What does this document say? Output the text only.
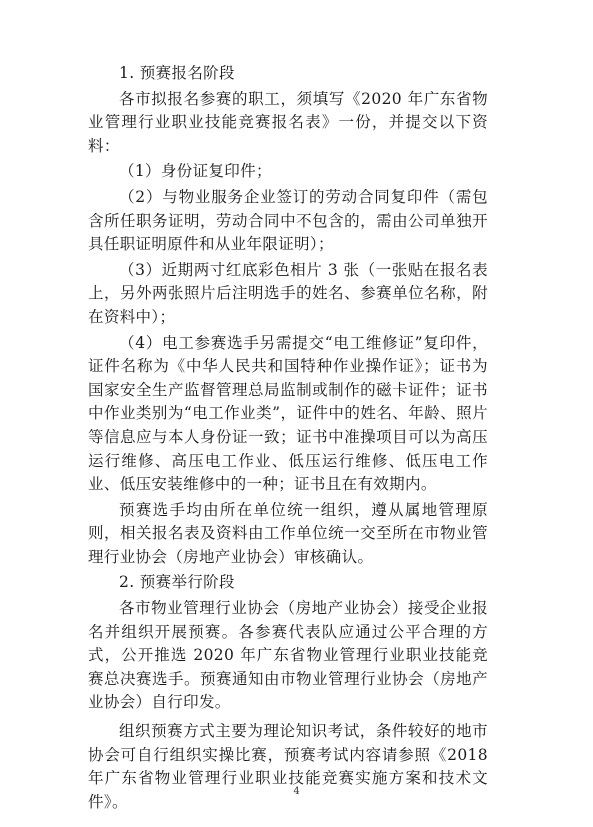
1. 预赛报名阶段

各市拟报名参赛的职工，须填写《2020 年广东省物业管理行业职业技能竞赛报名表》一份，并提交以下资料：

（1）身份证复印件；

（2）与物业服务企业签订的劳动合同复印件（需包含所任职务证明，劳动合同中不包含的，需由公司单独开具任职证明原件和从业年限证明）；

（3）近期两寸红底彩色相片 3 张（一张贴在报名表上，另外两张照片后注明选手的姓名、参赛单位名称，附在资料中）；

（4）电工参赛选手另需提交“电工维修证”复印件，证件名称为《中华人民共和国特种作业操作证》；证书为国家安全生产监督管理总局监制或制作的磁卡证件；证书中作业类别为“电工作业类”，证件中的姓名、年龄、照片等信息应与本人身份证一致；证书中准操项目可以为高压运行维修、高压电工作业、低压运行维修、低压电工作业、低压安装维修中的一种；证书且在有效期内。

预赛选手均由所在单位统一组织，遵从属地管理原则，相关报名表及资料由工作单位统一交至所在市物业管理行业协会（房地产业协会）审核确认。

2. 预赛举行阶段

各市物业管理行业协会（房地产业协会）接受企业报名并组织开展预赛。各参赛代表队应通过公平合理的方式，公开推选 2020 年广东省物业管理行业职业技能竞赛总决赛选手。预赛通知由市物业管理行业协会（房地产业协会）自行印发。

组织预赛方式主要为理论知识考试，条件较好的地市协会可自行组织实操比赛，预赛考试内容请参照《2018 年广东省物业管理行业职业技能竞赛实施方案和技术文件》。

4
